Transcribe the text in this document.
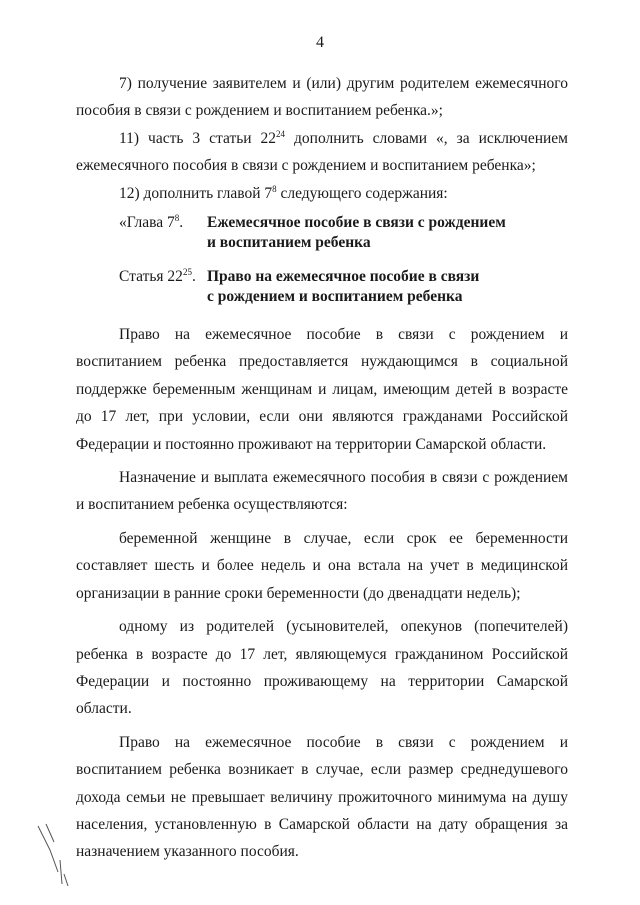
4

7) получение заявителем и (или) другим родителем ежемесячного пособия в связи с рождением и воспитанием ребенка.»;

11) часть 3 статьи $22^{24}$ дополнить словами «, за исключением ежемесячного пособия в связи с рождением и воспитанием ребенка»;

12) дополнить главой $7^8$ следующего содержания:

«Глава $7^8$.	Ежемесячное пособие в связи с рождением
и воспитанием ребенка
Статья $22^{25}$. Право на ежемесячное пособие в связи
с рождением и воспитанием ребенка

Право на ежемесячное пособие в связи с рождением и воспитанием ребенка предоставляется нуждающимся в социальной поддержке беременным женщинам и лицам, имеющим детей в возрасте до 17 лет, при условии, если они являются гражданами Российской Федерации и постоянно проживают на территории Самарской области.

Назначение и выплата ежемесячного пособия в связи с рождением и воспитанием ребенка осуществляются:

беременной женщине в случае, если срок ее беременности составляет шесть и более недель и она встала на учет в медицинской организации в ранние сроки беременности (до двенадцати недель);

одному из родителей (усыновителей, опекунов (попечителей) ребенка в возрасте до 17 лет, являющемуся гражданином Российской Федерации и постоянно проживающему на территории Самарской области.

Право на ежемесячное пособие в связи с рождением и воспитанием ребенка возникает в случае, если размер среднедушевого дохода семьи не превышает величину прожиточного минимума на душу населения, установленную в Самарской области на дату обращения за назначением указанного пособия.
